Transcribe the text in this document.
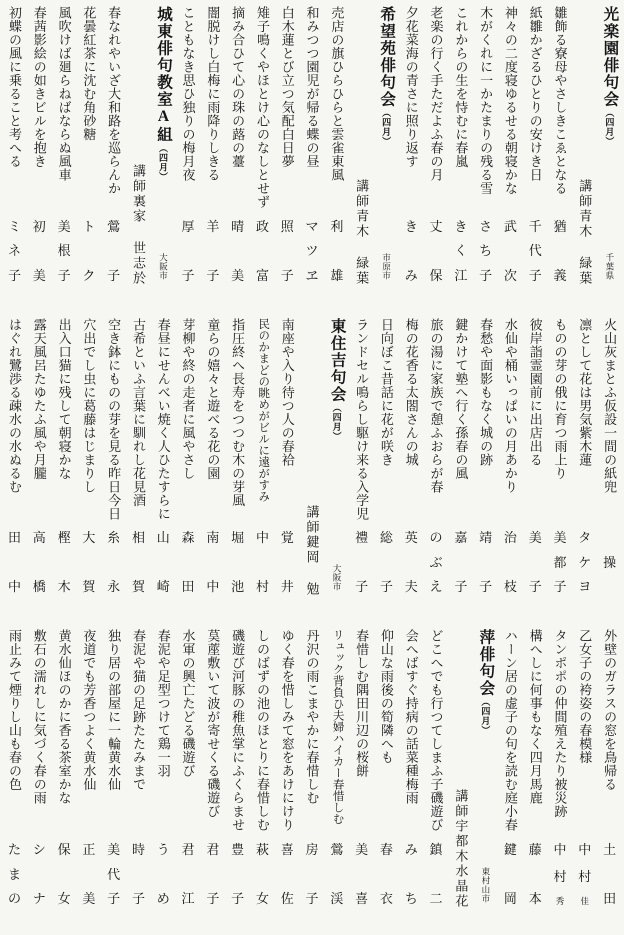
光楽園俳句会（四月）
千葉県
講師青木 緑葉
雛飾る寮母やさしきこゑとなる
猶
義
紙雛かざるひとりの安けき日
千
代
子
神々の二度寝ゆるせる朝寝かな
武
次
木がくれに一かたまりの残る雪
さ
ち
子
これからの生を恃むに春嵐
き
く
江
老楽の行く手ただよふ春の月
丈
保
夕花菜海の青さに照り返す
き
み
希望苑俳句会（四月）
市原市
講師青木 緑葉
売店の旗ひらひらと雲雀東風
利
雄
和みつつ園児が帰る蝶の昼
マ
ツ
ヱ
白木蓮とび立つ気配白日夢
照
子
雉子鳴くやほとけ心のなしとせず
政
富
摘み合ひて心の珠の蕗の薹
晴
美
闇脱けし白梅に雨降りしきる
羊
子
こともなき思ひ独りの梅月夜
厚
子
城東俳句教室A組（四月）
大阪市
講師裏家 世志於
春なれやいざ大和路を巡らんか
鶯
子
花曇紅茶に沈む角砂糖
ト
ク
風吹けば廻らねばならぬ風車
美
根
子
春茜影絵の如きビルを抱き
初
美
初蝶の風に乗ること考へる
ミ
ネ
子
火山灰まとふ仮設一間の紙兜
操
凛として花は男気紫木蓮
タ
ケ
ヨ
ものの芽の俄に育つ雨上り
美
都
子
彼岸詣霊園前に出店出る
美
子
水仙や桶いっぱいの月あかり
治
枝
春愁や面影もなく城の跡
靖
子
鍵かけて塾へ行く孫春の風
嘉
子
旅の湯に家族で憩ふおらが春
の
ぶ
え
梅の花香る太閤さんの城
英
夫
日向ぼこ昔話に花が咲き
総
子
ランドセル鳴らし駆け来る入学児
禮
子
東住吉句会（四月）
大阪市
講師鍵岡 勉
南座や入り待つ人の春袷
覚
井
民のかまどの眺めがビルに遠がすみ
中
村
指圧終へ長寿をつつむ木の芽風
堀
池
童らの嬉々と遊べる花の園
南
中
芽柳や終の走者に風やさし
森
田
春昼にせんべい焼く人ひたすらに
山
崎
古希といふ言葉に馴れし花見酒
相
賀
空き鉢にものの芽を見る昨日今日
糸
永
穴出でし虫に葛藤はじまりし
大
賀
出入口猫に残して朝寝かな
樫
木
露天風呂たゆたふ風や月朧
高
橋
はぐれ鷺渉る疎水の水ぬるむ
田
中
外壁のガラスの窓を鳥帰る
土
田
乙女子の袴姿の春模様
中
村
佳
タンポポの仲間殖えたり被災跡
中
村
秀
構へしに何事もなく四月馬鹿
藤
本
ハーン居の虚子の句を読む庭小春
鍵
岡
萍俳句会（四月）
東村山市
講師宇都木水晶花
どこへでも行つてしまふ子磯遊び
鎮
二
会へばすぐ持病の話菜種梅雨
み
ち
仰山な雨後の筍隣へも
春
衣
春惜しむ隅田川辺の桜餅
美
喜
リュック背負ひ夫婦ハイカー春惜しむ
鶯
渓
丹沢の雨こまやかに春惜しむ
房
子
ゆく春を惜しみて窓をあけにけり
喜
佐
しのばずの池のほとりに春惜しむ
萩
女
磯遊び河豚の稚魚掌にふくらませ
豊
子
茣蓙敷いて波が寄せくる磯遊び
君
子
水軍の興亡たどる磯遊び
君
江
春泥や足型つけて鶏一羽
う
め
春泥や猫の足跡たたみまで
時
子
独り居の部屋に一輪黄水仙
美
代
子
夜道でも芳香つよく黄水仙
正
美
黄水仙ほのかに香る茶室かな
保
女
敷石の濡れしに気づく春の雨
シ
ナ
雨止みて煙りし山も春の色
た
ま
の
